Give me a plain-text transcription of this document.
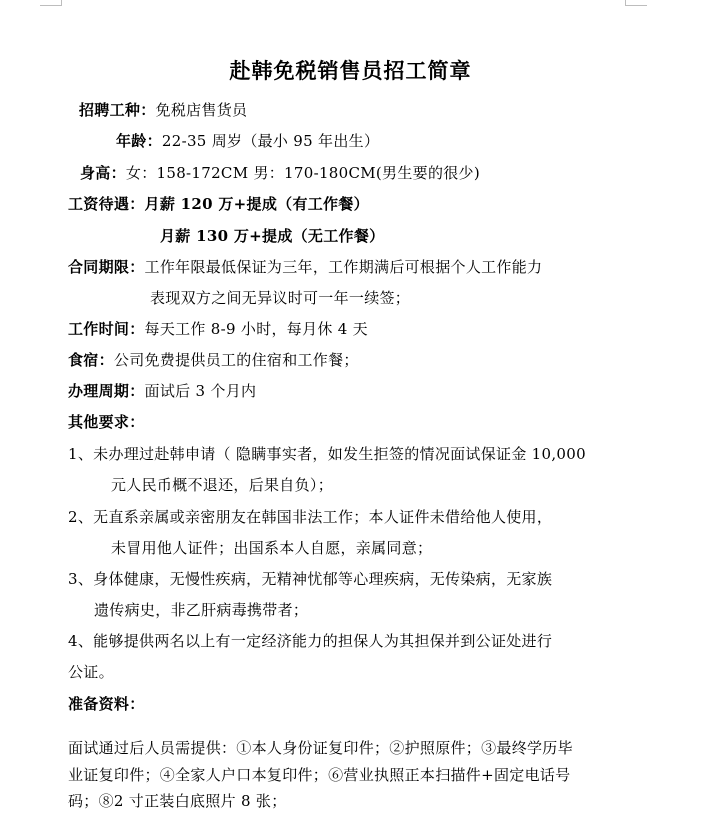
赴韩免税销售员招工简章
招聘工种：免税店售货员
年龄：22-35 周岁（最小 95 年出生）
身高：女：158-172CM 男：170-180CM(男生要的很少)
工资待遇：月薪 120 万+提成（有工作餐）
月薪 130 万+提成（无工作餐）
合同期限：工作年限最低保证为三年，工作期满后可根据个人工作能力
表现双方之间无异议时可一年一续签；
工作时间：每天工作 8-9 小时，每月休 4 天
食宿：公司免费提供员工的住宿和工作餐；
办理周期：面试后 3 个月内
其他要求：
1、未办理过赴韩申请（ 隐瞒事实者，如发生拒签的情况面试保证金 10,000
元人民币概不退还，后果自负）；
2、无直系亲属或亲密朋友在韩国非法工作；本人证件未借给他人使用，
未冒用他人证件；出国系本人自愿，亲属同意；
3、身体健康，无慢性疾病，无精神忧郁等心理疾病，无传染病，无家族
遗传病史，非乙肝病毒携带者；
4、能够提供两名以上有一定经济能力的担保人为其担保并到公证处进行
公证。
准备资料：
面试通过后人员需提供：①本人身份证复印件；②护照原件；③最终学历毕
业证复印件；④全家人户口本复印件；⑥营业执照正本扫描件+固定电话号
码；⑧2 寸正装白底照片 8 张；
